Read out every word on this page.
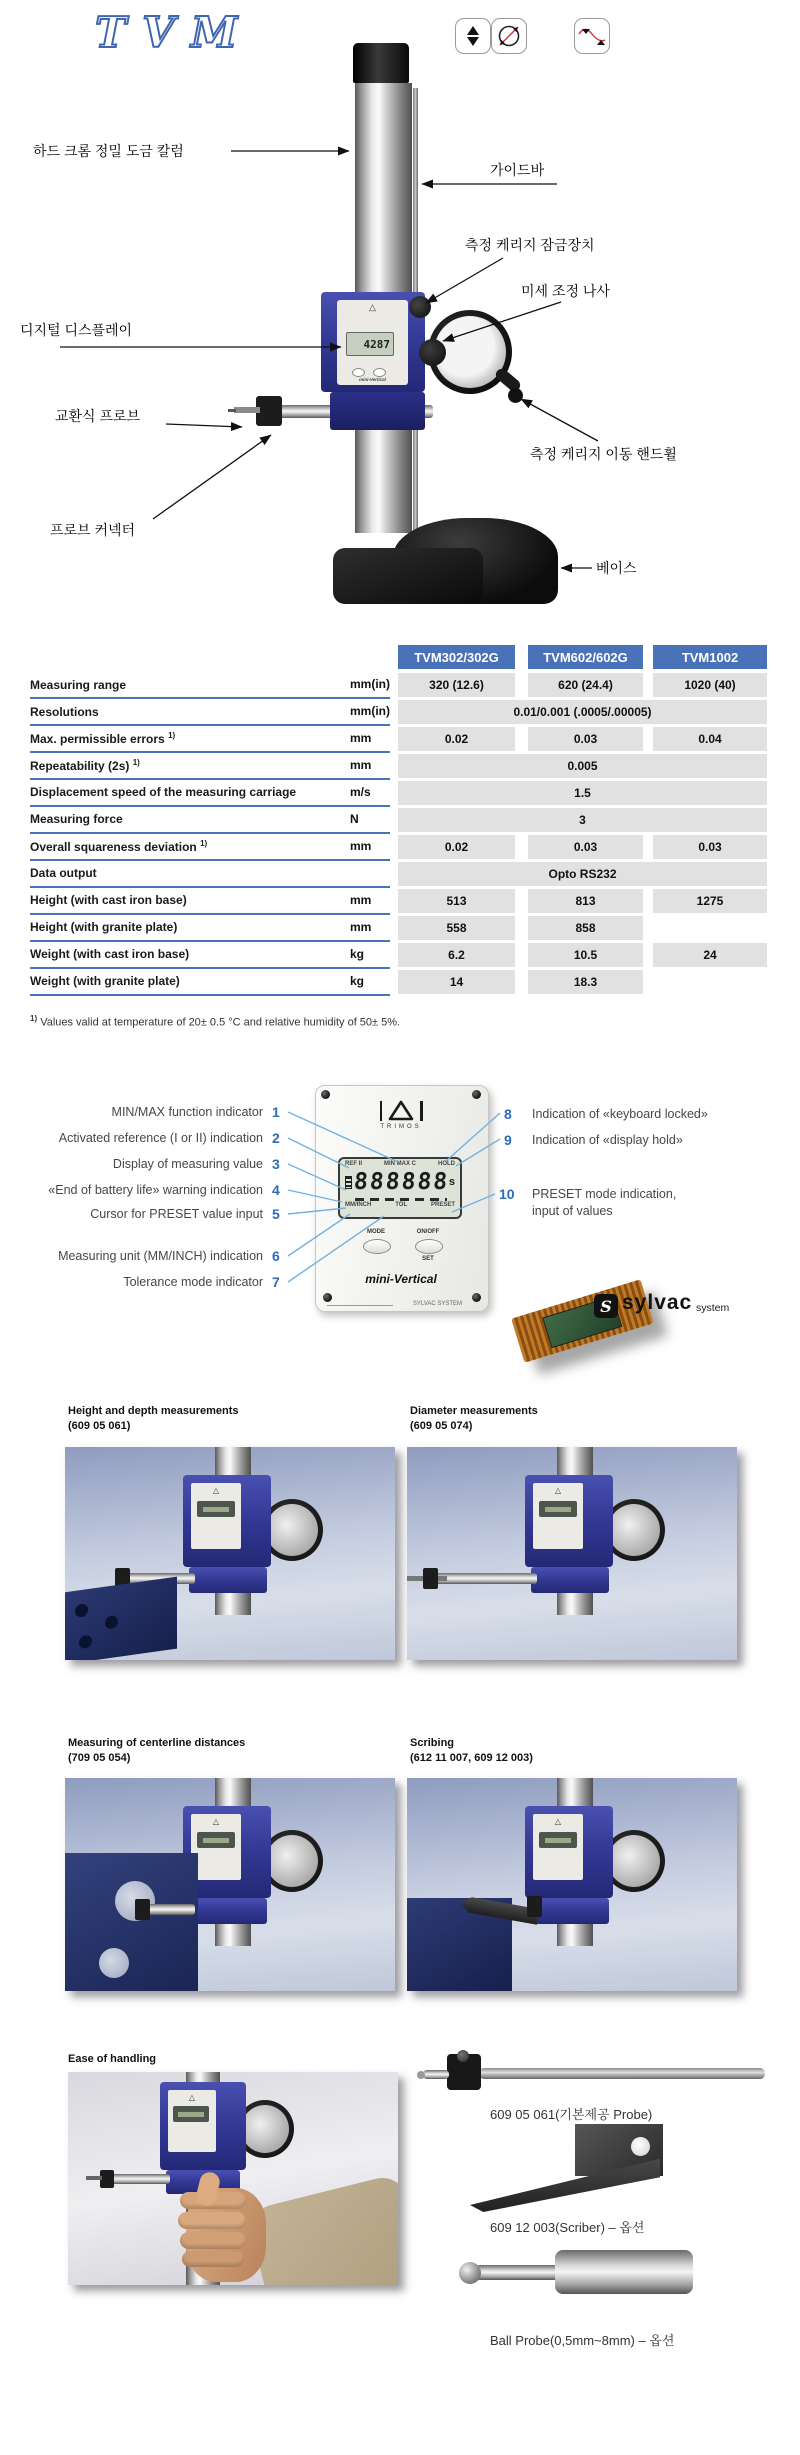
TVM
△
4287
mini-Vertical
하드 크롬 정밀 도금 칼럼
가이드바
측정 케리지 잠금장치
미세 조정 나사
디지털 디스플레이
교환식 프로브
측정 케리지 이동 핸드휠
프로브 커넥터
베이스
TVM302/302G	TVM602/602G	TVM1002
Measuring range	mm(in)	320 (12.6)	620 (24.4)	1020 (40)
Resolutions	mm(in)	0.01/0.001 (.0005/.00005)
Max. permissible errors $^{1)}$	mm	0.02	0.03	0.04
Repeatability (2s) $^{1)}$	mm	0.005
Displacement speed of the measuring carriage	m/s	1.5
Measuring force	N	3
Overall squareness deviation $^{1)}$	mm	0.02	0.03	0.03
Data output	Opto RS232
Height (with cast iron base)	mm	513	813	1275
Height (with granite plate)	mm	558	858
Weight (with cast iron base)	kg	6.2	10.5	24
Weight (with granite plate)	kg	14	18.3
$^{1)}$ Values valid at temperature of 20± 0.5 °C and relative humidity of 50± 5%.
1
MIN/MAX function indicator
2
Activated reference (I or II) indication
3
Display of measuring value
4
«End of battery life» warning indication
5
Cursor for PRESET value input
6
Measuring unit (MM/INCH) indication
7
Tolerance mode indicator
8 Indication of «keyboard locked»
9 Indication of «display hold»
10 PRESET mode indication,
input of values
TRIMOS
REF II	MIN MAX C	HOLD
888888
s
MM/INCH	TOL	PRESET
MODE	ON/OFF
SET
mini-Vertical
SYLVAC SYSTEM	S sylvac system
Height and depth measurements
(609 05 061)
Diameter measurements
(609 05 074)
△	△
Measuring of centerline distances
(709 05 054)
Scribing
(612 11 007, 609 12 003)
△	△
Ease of handling
△
609 05 061(기본제공 Probe)
609 12 003(Scriber) – 옵션
Ball Probe(0,5mm~8mm) – 옵션
